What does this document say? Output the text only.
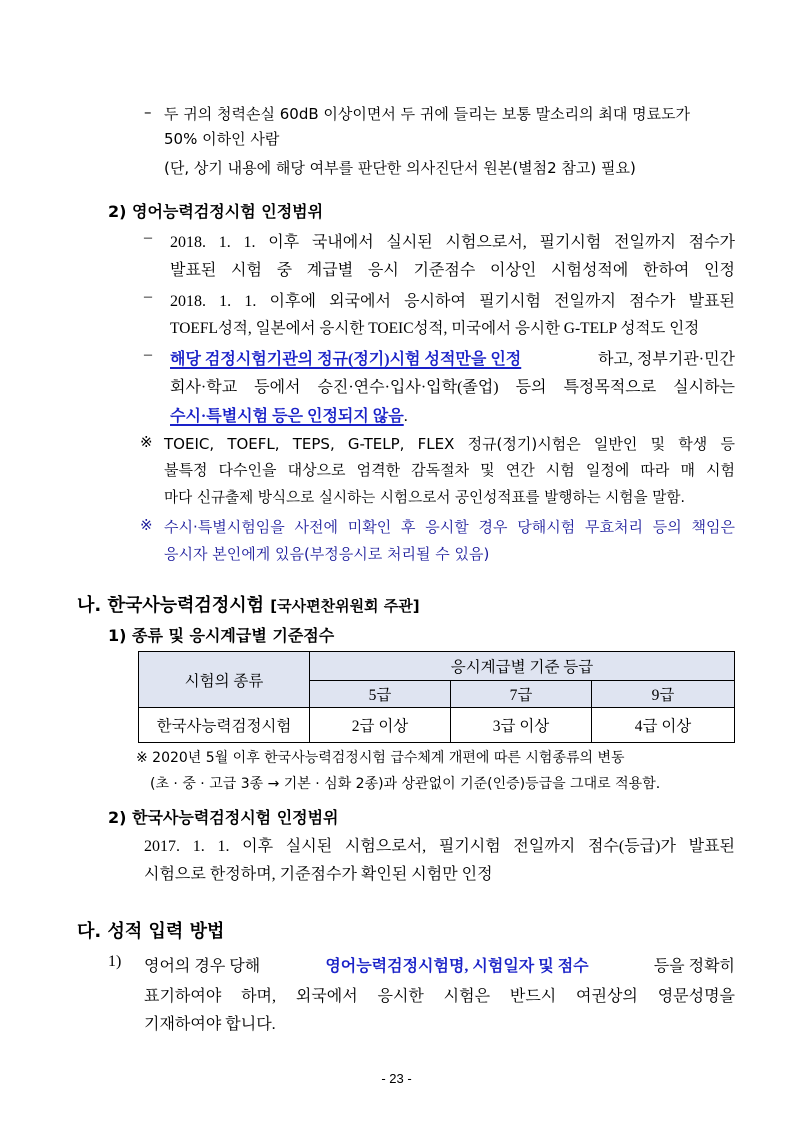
– 두 귀의 청력손실 60dB 이상이면서 두 귀에 들리는 보통 말소리의 최대 명료도가
50% 이하인 사람
(단, 상기 내용에 해당 여부를 판단한 의사진단서 원본(별첨2 참고) 필요)
2) 영어능력검정시험 인정범위
– 2018. 1. 1. 이후 국내에서 실시된 시험으로서, 필기시험 전일까지 점수가
발표된 시험 중 계급별 응시 기준점수 이상인 시험성적에 한하여 인정
– 2018. 1. 1. 이후에 외국에서 응시하여 필기시험 전일까지 점수가 발표된
TOEFL성적, 일본에서 응시한 TOEIC성적, 미국에서 응시한 G-TELP 성적도 인정
– 해당 검정시험기관의 정규(정기)시험 성적만을 인정	하고, 정부기관·민간
회사·학교 등에서 승진·연수·입사·입학(졸업) 등의 특정목적으로 실시하는
수시·특별시험 등은 인정되지 않음.
※ TOEIC, TOEFL, TEPS, G-TELP, FLEX 정규(정기)시험은 일반인 및 학생 등
불특정 다수인을 대상으로 엄격한 감독절차 및 연간 시험 일정에 따라 매 시험
마다 신규출제 방식으로 실시하는 시험으로서 공인성적표를 발행하는 시험을 말함.
※ 수시·특별시험임을 사전에 미확인 후 응시할 경우 당해시험 무효처리 등의 책임은
응시자 본인에게 있음(부정응시로 처리될 수 있음)
나. 한국사능력검정시험 [국사편찬위원회 주관]
1) 종류 및 응시계급별 기준점수
시험의 종류	응시계급별 기준 등급		
	5급	7급	9급
한국사능력검정시험	2급 이상	3급 이상	4급 이상
※ 2020년 5월 이후 한국사능력검정시험 급수체계 개편에 따른 시험종류의 변동
(초 · 중 · 고급 3종 → 기본 · 심화 2종)과 상관없이 기준(인증)등급을 그대로 적용함.
2) 한국사능력검정시험 인정범위
2017. 1. 1. 이후 실시된 시험으로서, 필기시험 전일까지 점수(등급)가 발표된
시험으로 한정하며, 기준점수가 확인된 시험만 인정
다. 성적 입력 방법
1) 영어의 경우 당해	영어능력검정시험명, 시험일자 및 점수	등을 정확히
표기하여야 하며, 외국에서 응시한 시험은 반드시 여권상의 영문성명을
기재하여야 합니다.
- 23 -
